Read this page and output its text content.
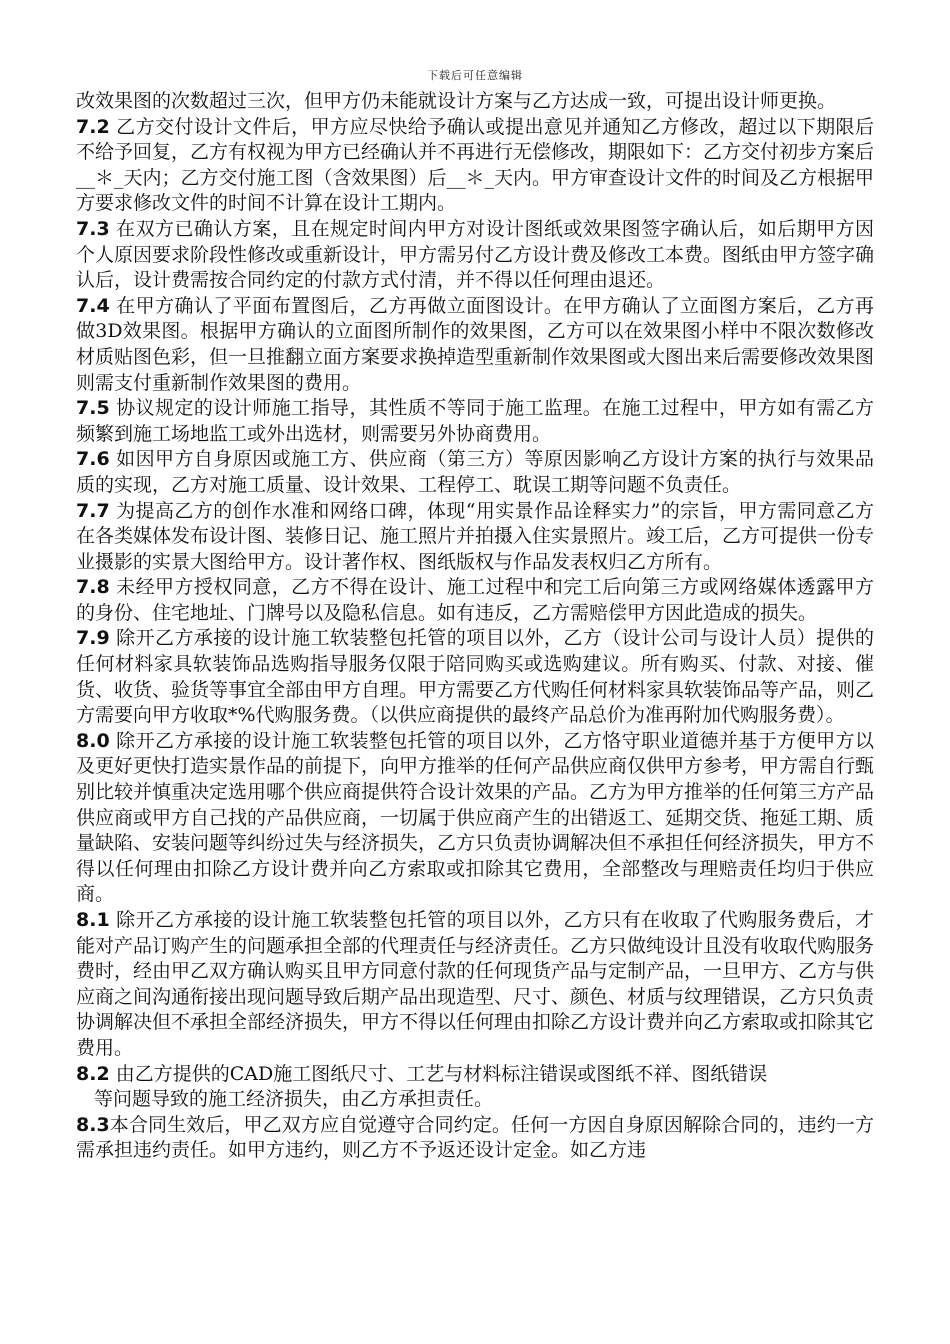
下载后可任意编辑

改效果图的次数超过三次，但甲方仍未能就设计方案与乙方达成一致，可提出设计师更换。

7.2 乙方交付设计文件后，甲方应尽快给予确认或提出意见并通知乙方修改，超过以下期限后不给予回复，乙方有权视为甲方已经确认并不再进行无偿修改，期限如下：乙方交付初步方案后__＊_天内；乙方交付施工图（含效果图）后__＊_天内。甲方审查设计文件的时间及乙方根据甲方要求修改文件的时间不计算在设计工期内。

7.3 在双方已确认方案，且在规定时间内甲方对设计图纸或效果图签字确认后，如后期甲方因个人原因要求阶段性修改或重新设计，甲方需另付乙方设计费及修改工本费。图纸由甲方签字确认后，设计费需按合同约定的付款方式付清，并不得以任何理由退还。

7.4 在甲方确认了平面布置图后，乙方再做立面图设计。在甲方确认了立面图方案后，乙方再做3D效果图。根据甲方确认的立面图所制作的效果图，乙方可以在效果图小样中不限次数修改材质贴图色彩，但一旦推翻立面方案要求换掉造型重新制作效果图或大图出来后需要修改效果图则需支付重新制作效果图的费用。

7.5 协议规定的设计师施工指导，其性质不等同于施工监理。在施工过程中，甲方如有需乙方频繁到施工场地监工或外出选材，则需要另外协商费用。

7.6 如因甲方自身原因或施工方、供应商（第三方）等原因影响乙方设计方案的执行与效果品质的实现，乙方对施工质量、设计效果、工程停工、耽误工期等问题不负责任。

7.7 为提高乙方的创作水准和网络口碑，体现“用实景作品诠释实力”的宗旨，甲方需同意乙方在各类媒体发布设计图、装修日记、施工照片并拍摄入住实景照片。竣工后，乙方可提供一份专业摄影的实景大图给甲方。设计著作权、图纸版权与作品发表权归乙方所有。

7.8 未经甲方授权同意，乙方不得在设计、施工过程中和完工后向第三方或网络媒体透露甲方的身份、住宅地址、门牌号以及隐私信息。如有违反，乙方需赔偿甲方因此造成的损失。

7.9 除开乙方承接的设计施工软装整包托管的项目以外，乙方（设计公司与设计人员）提供的任何材料家具软装饰品选购指导服务仅限于陪同购买或选购建议。所有购买、付款、对接、催货、收货、验货等事宜全部由甲方自理。甲方需要乙方代购任何材料家具软装饰品等产品，则乙方需要向甲方收取*%代购服务费。（以供应商提供的最终产品总价为准再附加代购服务费）。

8.0 除开乙方承接的设计施工软装整包托管的项目以外，乙方恪守职业道德并基于方便甲方以及更好更快打造实景作品的前提下，向甲方推举的任何产品供应商仅供甲方参考，甲方需自行甄别比较并慎重决定选用哪个供应商提供符合设计效果的产品。乙方为甲方推举的任何第三方产品供应商或甲方自己找的产品供应商，一切属于供应商产生的出错返工、延期交货、拖延工期、质量缺陷、安装问题等纠纷过失与经济损失，乙方只负责协调解决但不承担任何经济损失，甲方不得以任何理由扣除乙方设计费并向乙方索取或扣除其它费用，全部整改与理赔责任均归于供应商。

8.1 除开乙方承接的设计施工软装整包托管的项目以外，乙方只有在收取了代购服务费后，才能对产品订购产生的问题承担全部的代理责任与经济责任。乙方只做纯设计且没有收取代购服务费时，经由甲乙双方确认购买且甲方同意付款的任何现货产品与定制产品，一旦甲方、乙方与供应商之间沟通衔接出现问题导致后期产品出现造型、尺寸、颜色、材质与纹理错误，乙方只负责协调解决但不承担全部经济损失，甲方不得以任何理由扣除乙方设计费并向乙方索取或扣除其它费用。

8.2 由乙方提供的CAD施工图纸尺寸、工艺与材料标注错误或图纸不祥、图纸错误

等问题导致的施工经济损失，由乙方承担责任。

8.3本合同生效后，甲乙双方应自觉遵守合同约定。任何一方因自身原因解除合同的，违约一方需承担违约责任。如甲方违约，则乙方不予返还设计定金。如乙方违
